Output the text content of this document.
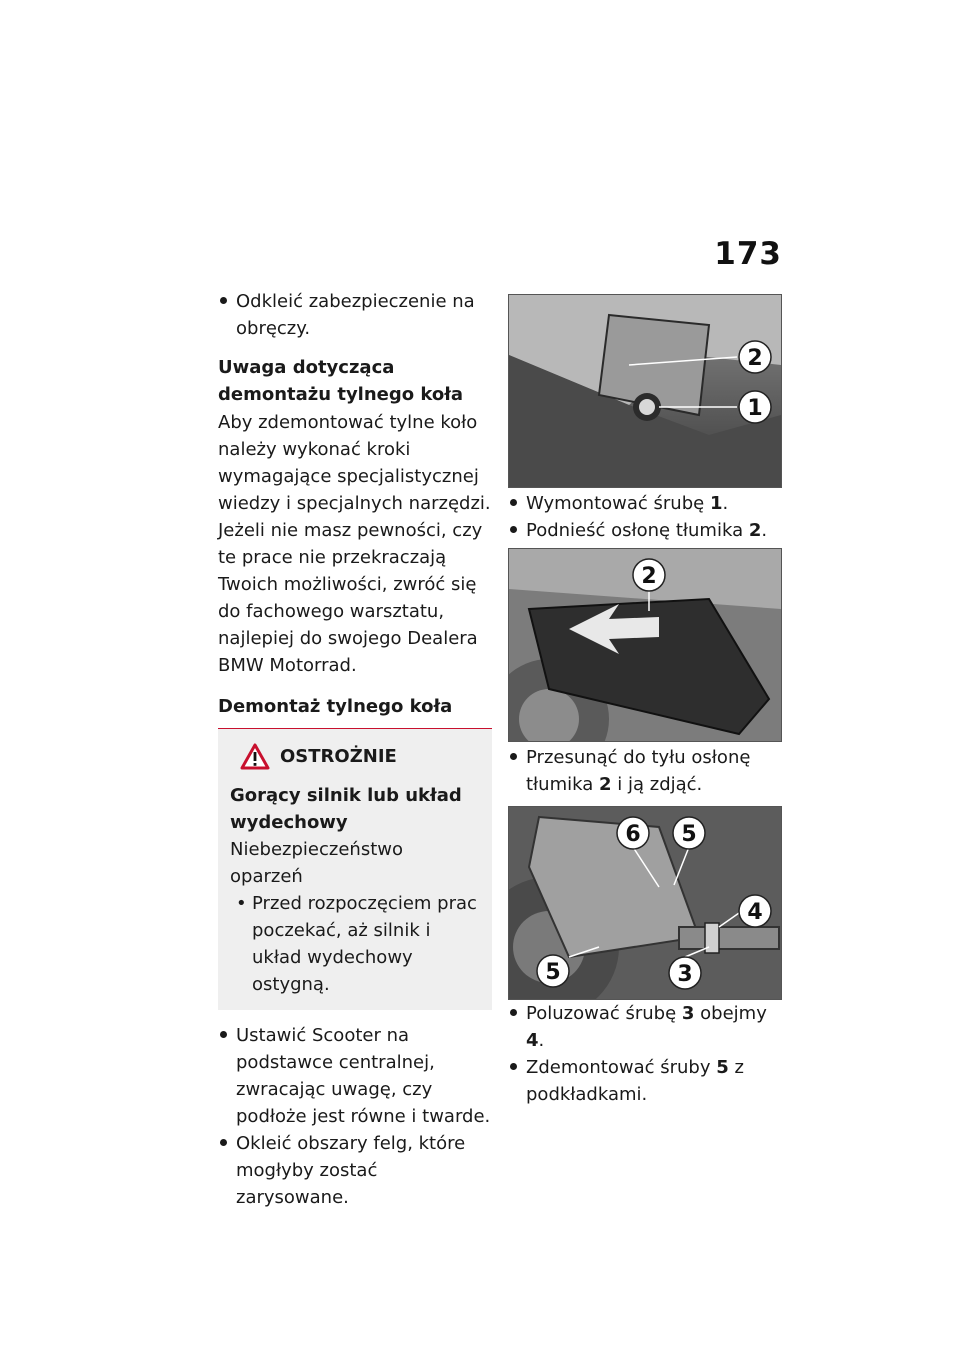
173
Odkleić zabezpieczenie na obręczy.
Uwaga dotycząca demontażu tylnego koła
Aby zdemontować tylne koło należy wykonać kroki wymagające specjalistycznej wiedzy i specjalnych narzędzi. Jeżeli nie masz pewności, czy te prace nie przekraczają Twoich możliwości, zwróć się do fachowego warsztatu, najlepiej do swojego Dealera BMW Motorrad.
Demontaż tylnego koła
OSTROŻNIE
Gorący silnik lub układ wydechowy
Niebezpieczeństwo oparzeń
• Przed rozpoczęciem prac poczekać, aż silnik i układ wydechowy ostygną.
Ustawić Scooter na podstawce centralnej, zwracając uwagę, czy podłoże jest równe i twarde.
Okleić obszary felg, które mogłyby zostać zarysowane.
2
1
Wymontować śrubę 1.
Podnieść osłonę tłumika 2.
2
Przesunąć do tyłu osłonę tłumika 2 i ją zdjąć.
6 5
4
5	3
Poluzować śrubę 3 obejmy 4.
Zdemontować śruby 5 z podkładkami.
